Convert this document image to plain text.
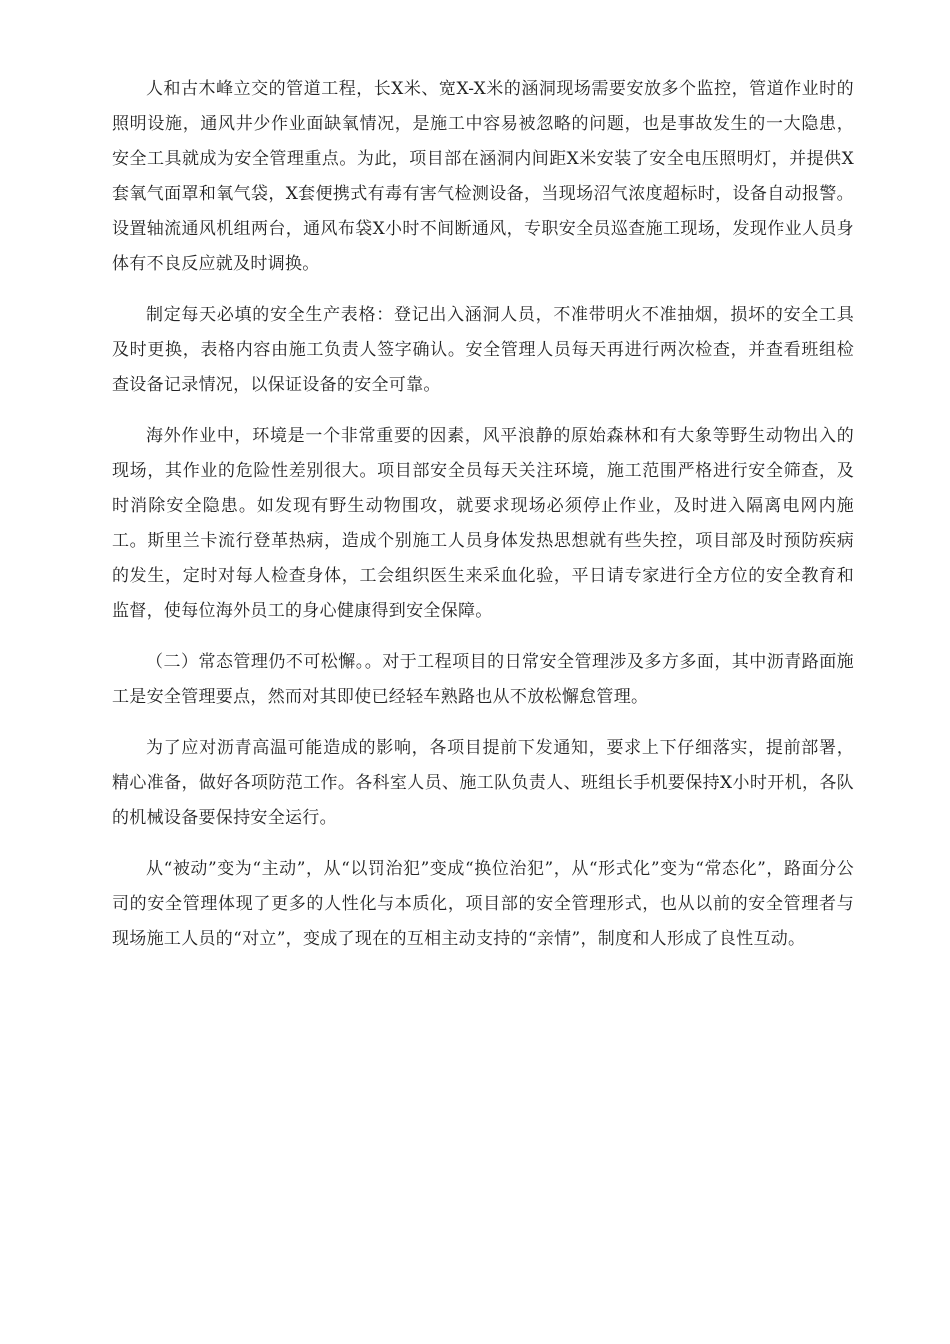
人和古木峰立交的管道工程，长X米、宽X-X米的涵洞现场需要安放多个监控，管道作业时的照明设施，通风井少作业面缺氧情况，是施工中容易被忽略的问题，也是事故发生的一大隐患，安全工具就成为安全管理重点。为此，项目部在涵洞内间距X米安装了安全电压照明灯，并提供X套氧气面罩和氧气袋，X套便携式有毒有害气检测设备，当现场沼气浓度超标时，设备自动报警。设置轴流通风机组两台，通风布袋X小时不间断通风，专职安全员巡查施工现场，发现作业人员身体有不良反应就及时调换。

制定每天必填的安全生产表格：登记出入涵洞人员，不准带明火不准抽烟，损坏的安全工具及时更换，表格内容由施工负责人签字确认。安全管理人员每天再进行两次检查，并查看班组检查设备记录情况，以保证设备的安全可靠。

海外作业中，环境是一个非常重要的因素，风平浪静的原始森林和有大象等野生动物出入的现场，其作业的危险性差别很大。项目部安全员每天关注环境，施工范围严格进行安全筛查，及时消除安全隐患。如发现有野生动物围攻，就要求现场必须停止作业，及时进入隔离电网内施工。斯里兰卡流行登革热病，造成个别施工人员身体发热思想就有些失控，项目部及时预防疾病的发生，定时对每人检查身体，工会组织医生来采血化验，平日请专家进行全方位的安全教育和监督，使每位海外员工的身心健康得到安全保障。

（二）常态管理仍不可松懈。。对于工程项目的日常安全管理涉及多方多面，其中沥青路面施工是安全管理要点，然而对其即使已经轻车熟路也从不放松懈怠管理。

为了应对沥青高温可能造成的影响，各项目提前下发通知，要求上下仔细落实，提前部署，精心准备，做好各项防范工作。各科室人员、施工队负责人、班组长手机要保持X小时开机，各队的机械设备要保持安全运行。

从“被动”变为“主动”，从“以罚治犯”变成“换位治犯”，从“形式化”变为“常态化”，路面分公司的安全管理体现了更多的人性化与本质化，项目部的安全管理形式，也从以前的安全管理者与现场施工人员的“对立”，变成了现在的互相主动支持的“亲情”，制度和人形成了良性互动。
